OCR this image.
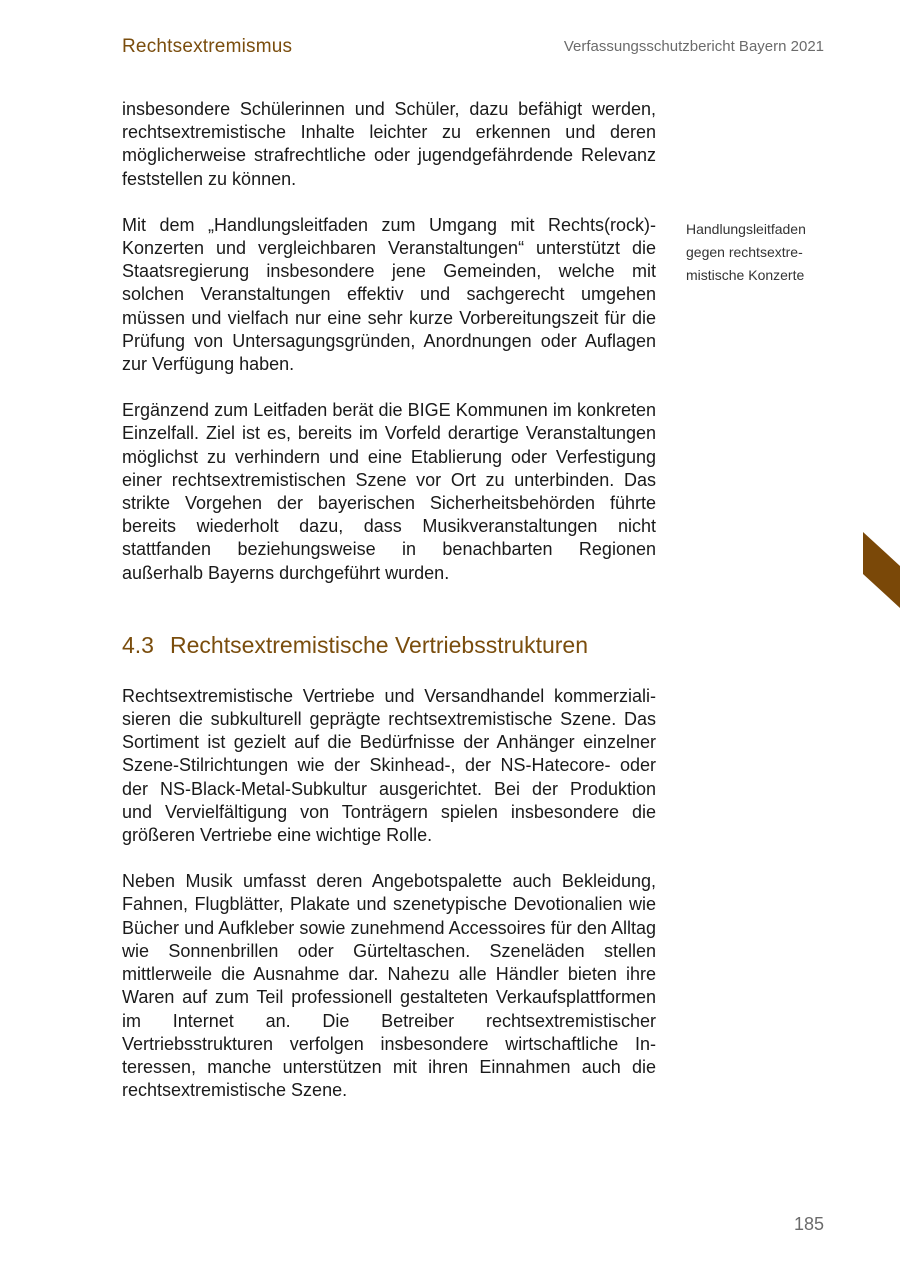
Rechtsextremismus	Verfassungsschutzbericht Bayern 2021

insbesondere Schülerinnen und Schüler, dazu befähigt werden, rechtsextremistische Inhalte leichter zu erkennen und deren möglicherweise strafrechtliche oder jugendgefährdende Relevanz feststellen zu können.

Mit dem „Handlungsleitfaden zum Umgang mit Rechts(rock)-Konzerten und vergleichbaren Veranstaltungen“ unterstützt die Staatsregierung insbesondere jene Gemeinden, welche mit solchen Veranstaltungen effektiv und sachgerecht umgehen müssen und vielfach nur eine sehr kurze Vorbereitungszeit für die Prüfung von Untersagungsgründen, Anordnungen oder Auflagen zur Verfügung haben.

Ergänzend zum Leitfaden berät die BIGE Kommunen im konkreten Einzelfall. Ziel ist es, bereits im Vorfeld derartige Veranstaltungen möglichst zu verhindern und eine Etablierung oder Verfestigung einer rechtsextremistischen Szene vor Ort zu unterbinden. Das strikte Vorgehen der bayerischen Sicherheitsbehörden führte bereits wiederholt dazu, dass Musikveranstaltungen nicht stattfanden beziehungsweise in benachbarten Regionen außerhalb Bayerns durchgeführt wurden.

4.3 Rechtsextremistische Vertriebsstrukturen

Rechtsextremistische Vertriebe und Versandhandel kommerzialisieren die subkulturell geprägte rechtsextremistische Szene. Das Sortiment ist gezielt auf die Bedürfnisse der Anhänger einzelner Szene-Stilrichtungen wie der Skinhead-, der NS-Hatecore- oder der NS-Black-Metal-Subkultur ausgerichtet. Bei der Produktion und Vervielfältigung von Tonträgern spielen insbesondere die größeren Vertriebe eine wichtige Rolle.

Neben Musik umfasst deren Angebotspalette auch Bekleidung, Fahnen, Flugblätter, Plakate und szenetypische Devotionalien wie Bücher und Aufkleber sowie zunehmend Accessoires für den Alltag wie Sonnenbrillen oder Gürteltaschen. Szeneläden stellen mittlerweile die Ausnahme dar. Nahezu alle Händler bieten ihre Waren auf zum Teil professionell gestalteten Verkaufsplattformen im Internet an. Die Betreiber rechtsextremistischer Vertriebsstrukturen verfolgen insbesondere wirtschaftliche Interessen, manche unterstützen mit ihren Einnahmen auch die rechtsextremistische Szene.

Handlungsleitfaden gegen rechtsextremistische Konzerte
185
